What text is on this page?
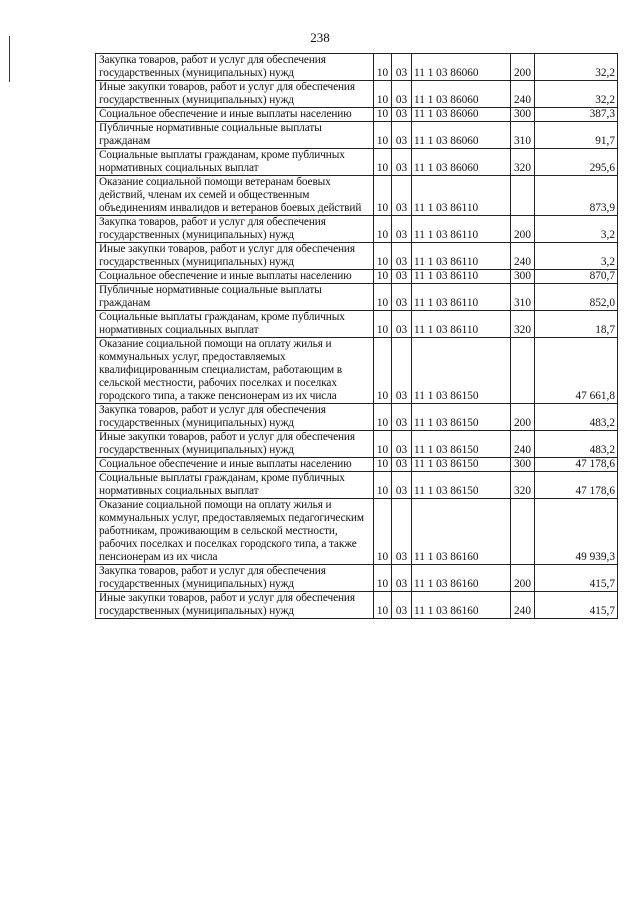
238
Закупка товаров, работ и услуг для обеспечения государственных (муниципальных) нужд	10	03	11 1 03 86060	200	32,2
Иные закупки товаров, работ и услуг для обеспечения государственных (муниципальных) нужд	10	03	11 1 03 86060	240	32,2
Социальное обеспечение и иные выплаты населению	10	03	11 1 03 86060	300	387,3
Публичные нормативные социальные выплаты гражданам	10	03	11 1 03 86060	310	91,7
Социальные выплаты гражданам, кроме публичных нормативных социальных выплат	10	03	11 1 03 86060	320	295,6
Оказание социальной помощи ветеранам боевых действий, членам их семей и общественным объединениям инвалидов и ветеранов боевых действий	10	03	11 1 03 86110		873,9
Закупка товаров, работ и услуг для обеспечения государственных (муниципальных) нужд	10	03	11 1 03 86110	200	3,2
Иные закупки товаров, работ и услуг для обеспечения государственных (муниципальных) нужд	10	03	11 1 03 86110	240	3,2
Социальное обеспечение и иные выплаты населению	10	03	11 1 03 86110	300	870,7
Публичные нормативные социальные выплаты гражданам	10	03	11 1 03 86110	310	852,0
Социальные выплаты гражданам, кроме публичных нормативных социальных выплат	10	03	11 1 03 86110	320	18,7
Оказание социальной помощи на оплату жилья и коммунальных услуг, предоставляемых квалифицированным специалистам, работающим в сельской местности, рабочих поселках и поселках городского типа, а также пенсионерам из их числа	10	03	11 1 03 86150		47 661,8
Закупка товаров, работ и услуг для обеспечения государственных (муниципальных) нужд	10	03	11 1 03 86150	200	483,2
Иные закупки товаров, работ и услуг для обеспечения государственных (муниципальных) нужд	10	03	11 1 03 86150	240	483,2
Социальное обеспечение и иные выплаты населению	10	03	11 1 03 86150	300	47 178,6
Социальные выплаты гражданам, кроме публичных нормативных социальных выплат	10	03	11 1 03 86150	320	47 178,6
Оказание социальной помощи на оплату жилья и коммунальных услуг, предоставляемых педагогическим работникам, проживающим в сельской местности, рабочих поселках и поселках городского типа, а также пенсионерам из их числа	10	03	11 1 03 86160		49 939,3
Закупка товаров, работ и услуг для обеспечения государственных (муниципальных) нужд	10	03	11 1 03 86160	200	415,7
Иные закупки товаров, работ и услуг для обеспечения государственных (муниципальных) нужд	10	03	11 1 03 86160	240	415,7
